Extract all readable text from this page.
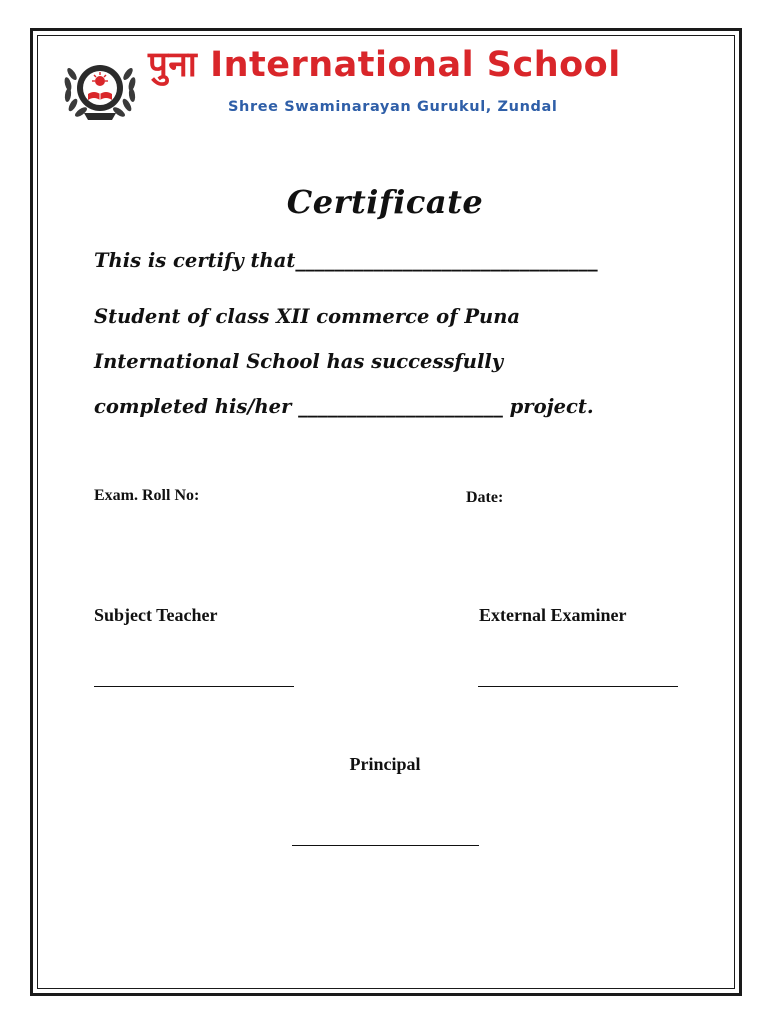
पुना International School

Shree Swaminarayan Gurukul, Zundal

Certificate

This is certify that_______________________________

Student of class XII commerce of Puna

International School has successfully

completed his/her _____________________ project.

Exam. Roll No:	Date:

Subject Teacher	External Examiner

Principal
